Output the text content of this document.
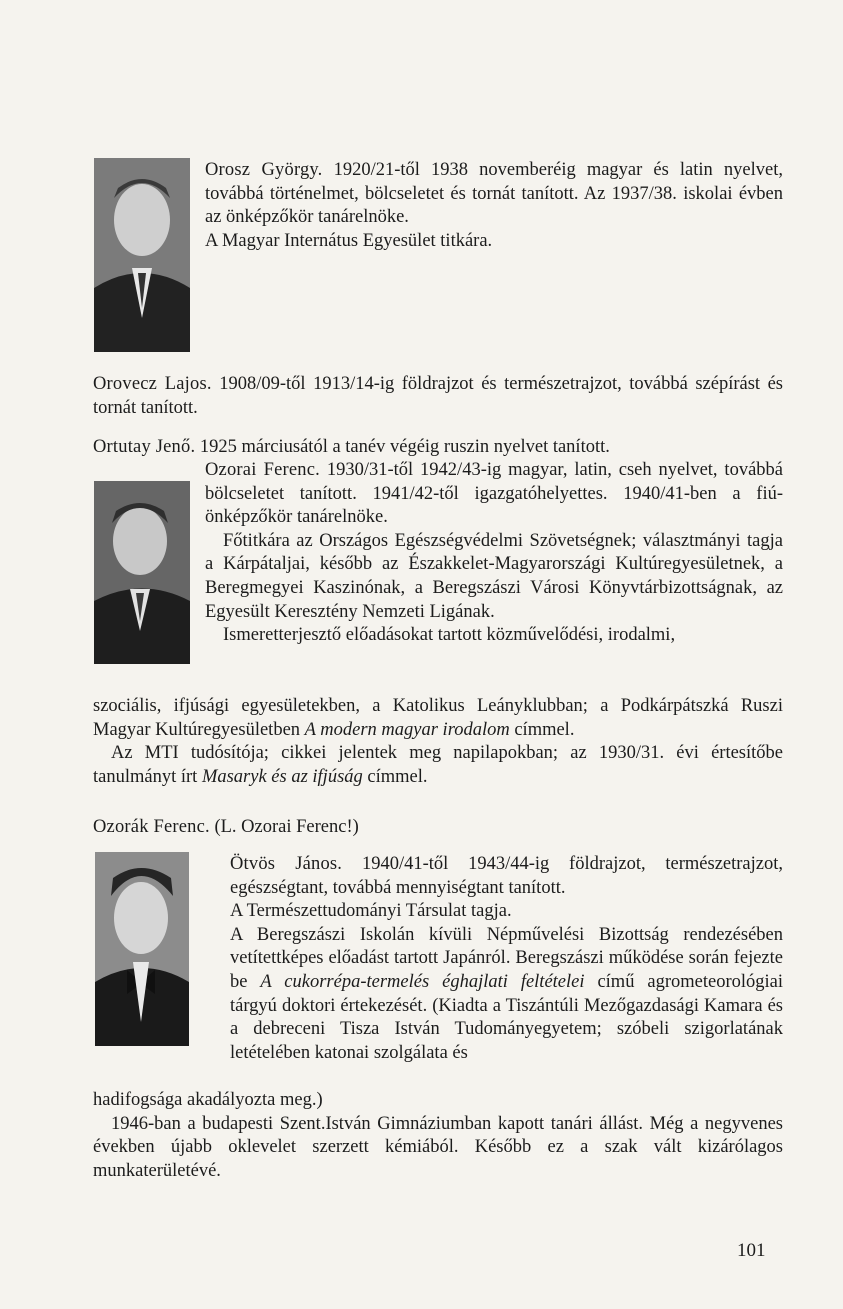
Orosz György. 1920/21-től 1938 novemberéig magyar és latin nyelvet, továbbá történelmet, bölcseletet és tornát tanított. Az 1937/38. iskolai évben az önképzőkör tanárelnöke.

A Magyar Internátus Egyesület titkára.

Orovecz Lajos. 1908/09-től 1913/14-ig földrajzot és természetrajzot, továbbá szépírást és tornát tanított.

Ortutay Jenő. 1925 márciusától a tanév végéig ruszin nyelvet tanított.

Ozorai Ferenc. 1930/31-től 1942/43-ig magyar, latin, cseh nyelvet, továbbá bölcseletet tanított. 1941/42-től igazgatóhelyettes. 1940/41-ben a fiú-önképzőkör tanárelnöke.

Főtitkára az Országos Egészségvédelmi Szövetségnek; választmányi tagja a Kárpátaljai, később az Északkelet-Magyarországi Kultúregyesületnek, a Beregmegyei Kaszinónak, a Beregszászi Városi Könyvtárbizottságnak, az Egyesült Keresztény Nemzeti Ligának.

Ismeretterjesztő előadásokat tartott közművelődési, irodalmi,

szociális, ifjúsági egyesületekben, a Katolikus Leányklubban; a Podkárpátszká Ruszi Magyar Kultúregyesületben A modern magyar irodalom címmel.

Az MTI tudósítója; cikkei jelentek meg napilapokban; az 1930/31. évi értesítőbe tanulmányt írt Masaryk és az ifjúság címmel.

Ozorák Ferenc. (L. Ozorai Ferenc!)

Ötvös János. 1940/41-től 1943/44-ig földrajzot, természetrajzot, egészségtant, továbbá mennyiségtant tanított.

A Természettudományi Társulat tagja.

A Beregszászi Iskolán kívüli Népművelési Bizottság rendezésében vetítettképes előadást tartott Japánról. Beregszászi működése során fejezte be A cukorrépa-termelés éghajlati feltételei című agrometeorológiai tárgyú doktori értekezését. (Kiadta a Tiszántúli Mezőgazdasági Kamara és a debreceni Tisza István Tudományegyetem; szóbeli szigorlatának letételében katonai szolgálata és

hadifogsága akadályozta meg.)

1946-ban a budapesti Szent.István Gimnáziumban kapott tanári állást. Még a negyvenes években újabb oklevelet szerzett kémiából. Később ez a szak vált kizárólagos munkaterületévé.

101
